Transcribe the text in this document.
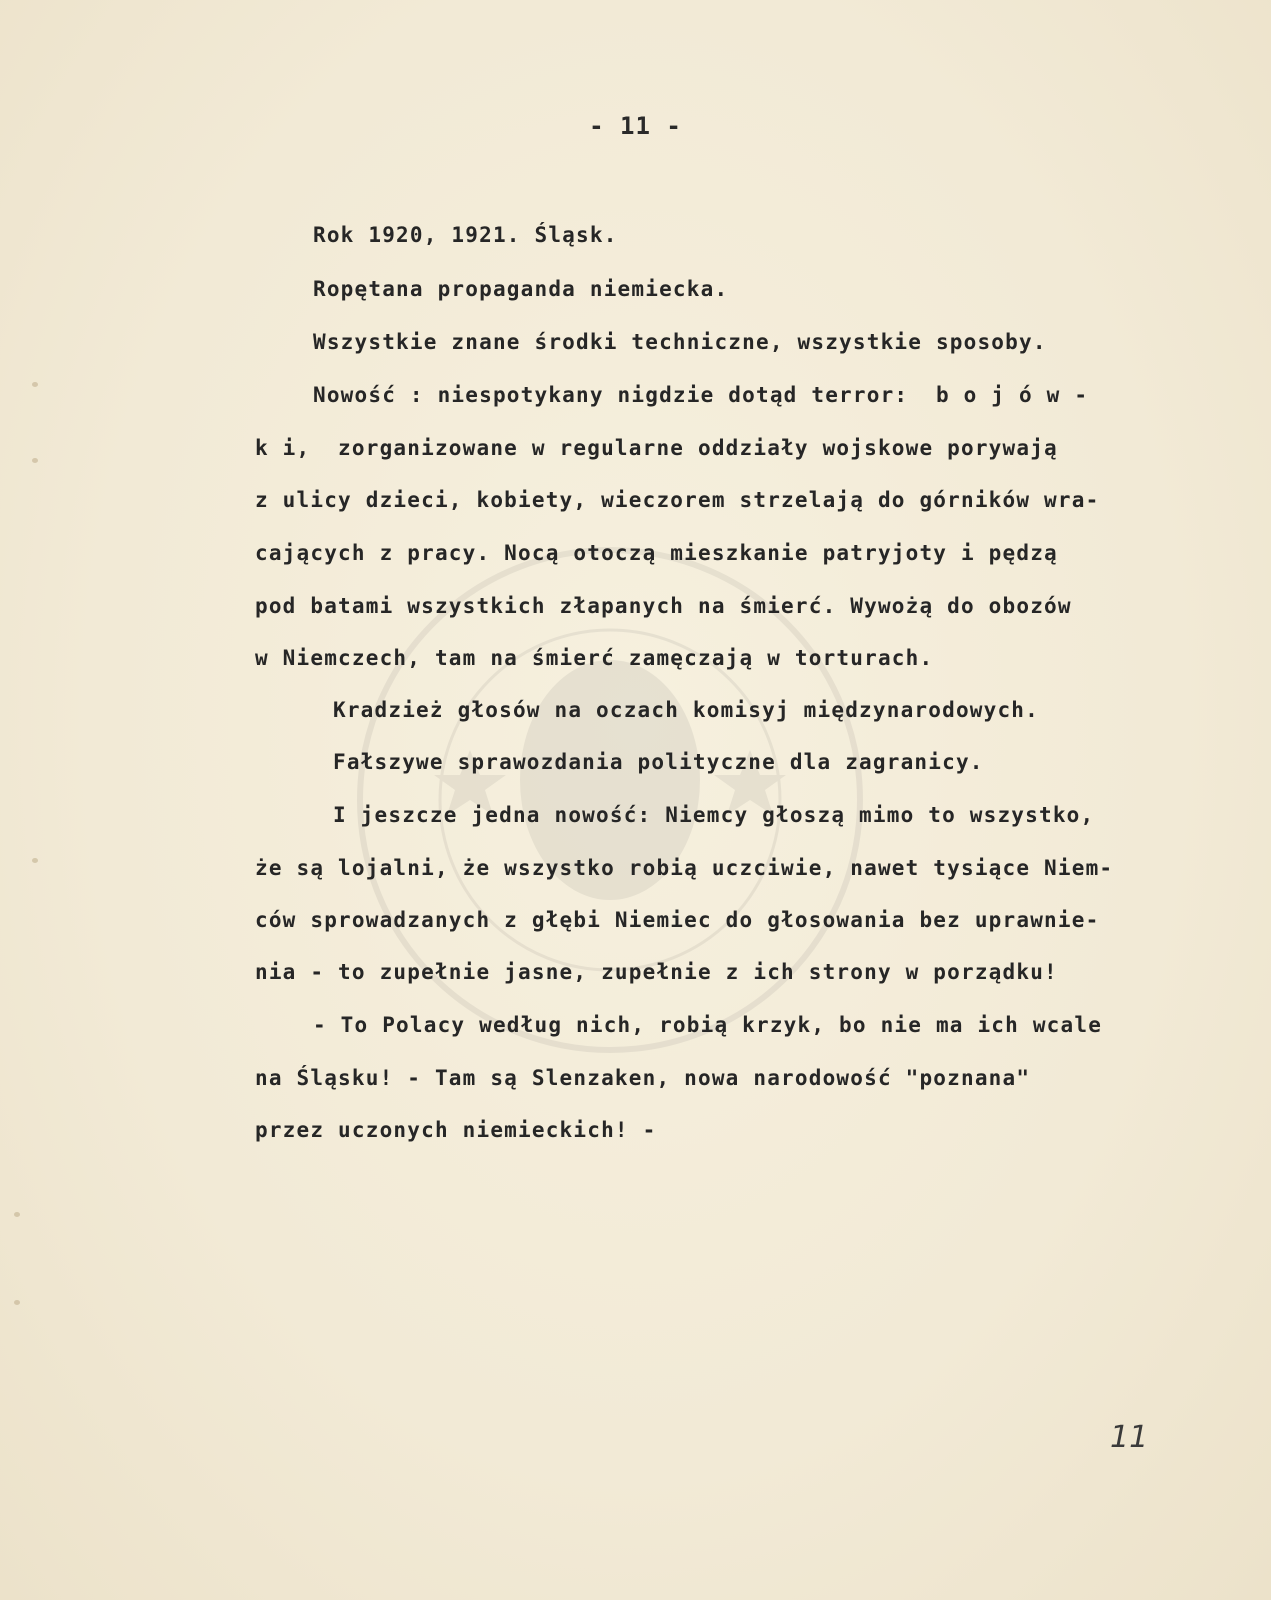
- 11 -
Rok 1920, 1921. Śląsk.
Ropętana propaganda niemiecka.
Wszystkie znane środki techniczne, wszystkie sposoby.
Nowość : niespotykany nigdzie dotąd terror:  b o j ó w -
k i,  zorganizowane w regularne oddziały wojskowe porywają
z ulicy dzieci, kobiety, wieczorem strzelają do górników wra-
cających z pracy. Nocą otoczą mieszkanie patryjoty i pędzą
pod batami wszystkich złapanych na śmierć. Wywożą do obozów
w Niemczech, tam na śmierć zamęczają w torturach.
Kradzież głosów na oczach komisyj międzynarodowych.
Fałszywe sprawozdania polityczne dla zagranicy.
I jeszcze jedna nowość: Niemcy głoszą mimo to wszystko,
że są lojalni, że wszystko robią uczciwie, nawet tysiące Niem-
ców sprowadzanych z głębi Niemiec do głosowania bez uprawnie-
nia - to zupełnie jasne, zupełnie z ich strony w porządku!
- To Polacy według nich, robią krzyk, bo nie ma ich wcale
na Śląsku! - Tam są Slenzaken, nowa narodowość "poznana"
przez uczonych niemieckich! -
11
